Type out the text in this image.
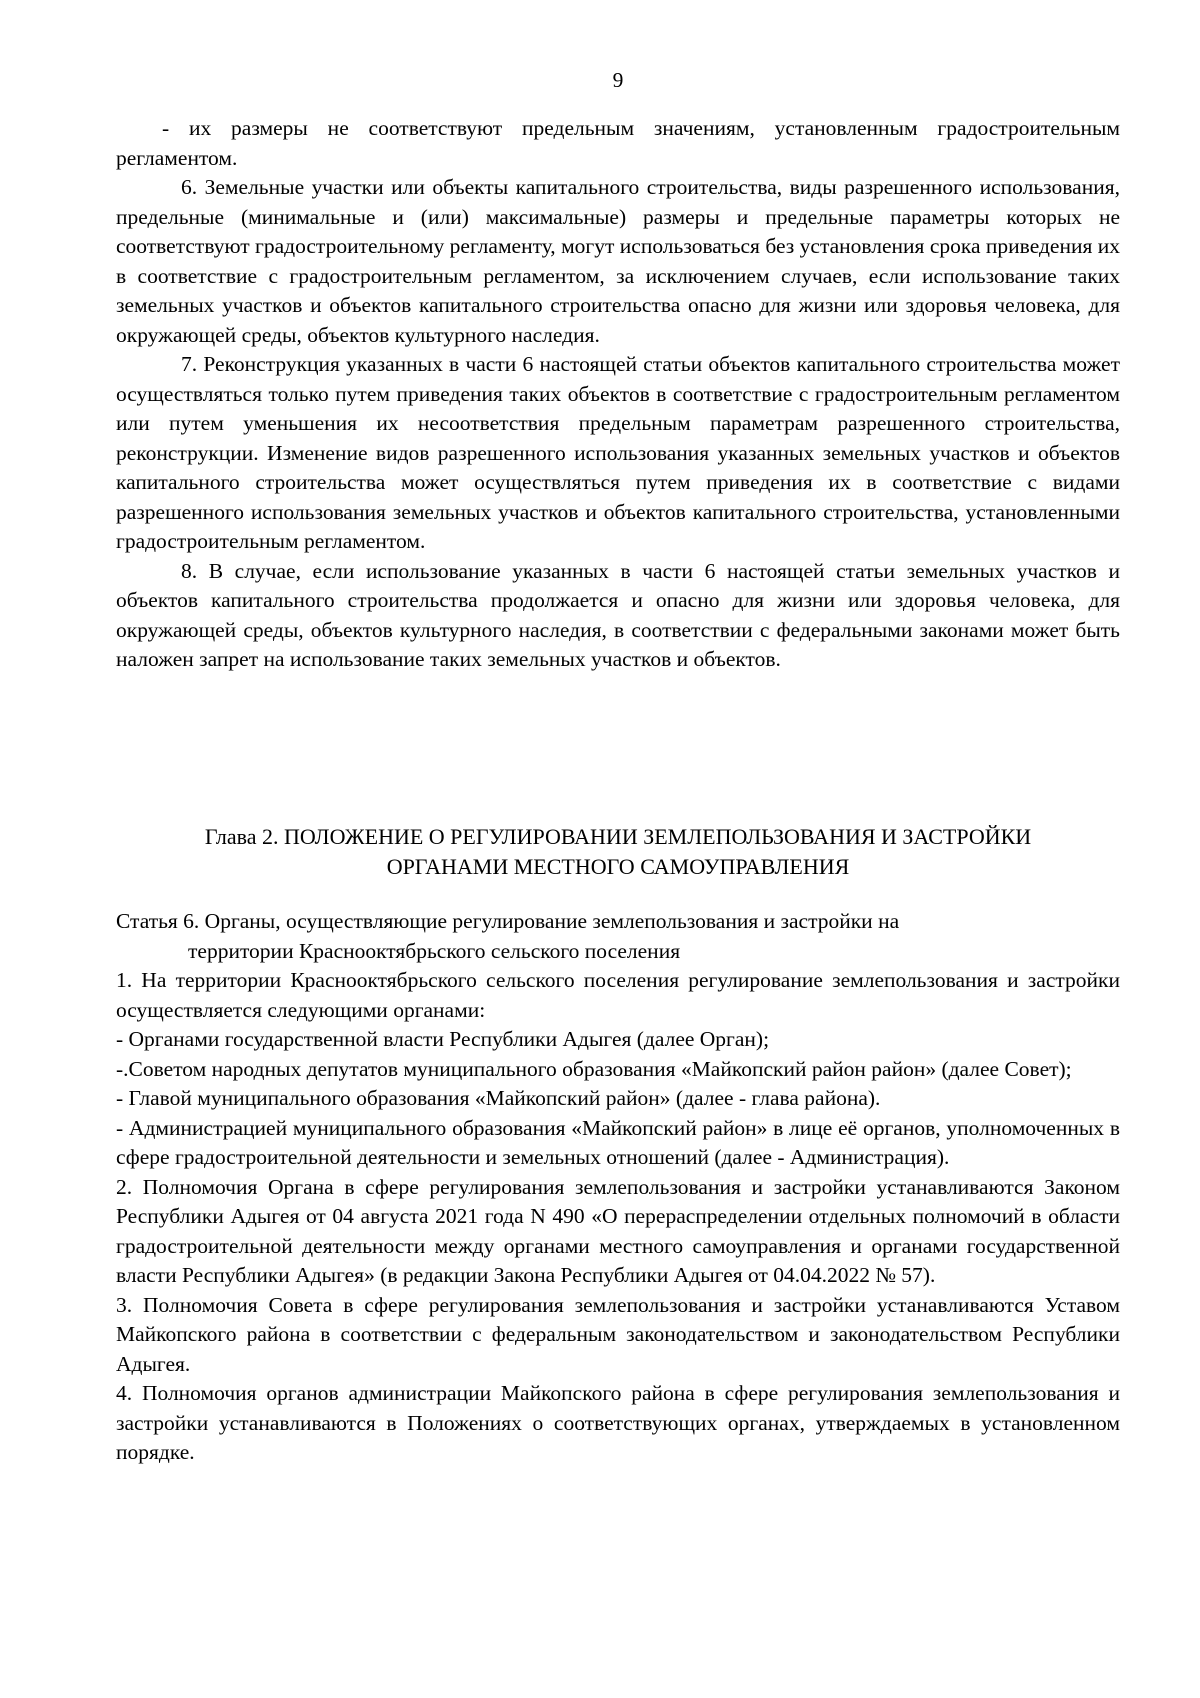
9

- их размеры не соответствуют предельным значениям, установленным градостроительным регламентом.

6. Земельные участки или объекты капитального строительства, виды разрешенного использования, предельные (минимальные и (или) максимальные) размеры и предельные параметры которых не соответствуют градостроительному регламенту, могут использоваться без установления срока приведения их в соответствие с градостроительным регламентом, за исключением случаев, если использование таких земельных участков и объектов капитального строительства опасно для жизни или здоровья человека, для окружающей среды, объектов культурного наследия.

7. Реконструкция указанных в части 6 настоящей статьи объектов капитального строительства может осуществляться только путем приведения таких объектов в соответствие с градостроительным регламентом или путем уменьшения их несоответствия предельным параметрам разрешенного строительства, реконструкции. Изменение видов разрешенного использования указанных земельных участков и объектов капитального строительства может осуществляться путем приведения их в соответствие с видами разрешенного использования земельных участков и объектов капитального строительства, установленными градостроительным регламентом.

8. В случае, если использование указанных в части 6 настоящей статьи земельных участков и объектов капитального строительства продолжается и опасно для жизни или здоровья человека, для окружающей среды, объектов культурного наследия, в соответствии с федеральными законами может быть наложен запрет на использование таких земельных участков и объектов.

Глава 2. ПОЛОЖЕНИЕ О РЕГУЛИРОВАНИИ ЗЕМЛЕПОЛЬЗОВАНИЯ И ЗАСТРОЙКИ
ОРГАНАМИ МЕСТНОГО САМОУПРАВЛЕНИЯ

Статья 6. Органы, осуществляющие регулирование землепользования и застройки на
территории Краснооктябрьского сельского поселения

1. На территории Краснооктябрьского сельского поселения регулирование землепользования и застройки осуществляется следующими органами:

- Органами государственной власти Республики Адыгея (далее Орган);

-.Советом народных депутатов муниципального образования «Майкопский район район» (далее Совет);

- Главой муниципального образования «Майкопский район» (далее - глава района).

- Администрацией муниципального образования «Майкопский район» в лице её органов, уполномоченных в сфере градостроительной деятельности и земельных отношений (далее - Администрация).

2. Полномочия Органа в сфере регулирования землепользования и застройки устанавливаются Законом Республики Адыгея от 04 августа 2021 года N 490 «О перераспределении отдельных полномочий в области градостроительной деятельности между органами местного самоуправления и органами государственной власти Республики Адыгея» (в редакции Закона Республики Адыгея от 04.04.2022 № 57).

3. Полномочия Совета в сфере регулирования землепользования и застройки устанавливаются Уставом Майкопского района в соответствии с федеральным законодательством и законодательством Республики Адыгея.

4. Полномочия органов администрации Майкопского района в сфере регулирования землепользования и застройки устанавливаются в Положениях о соответствующих органах, утверждаемых в установленном порядке.
